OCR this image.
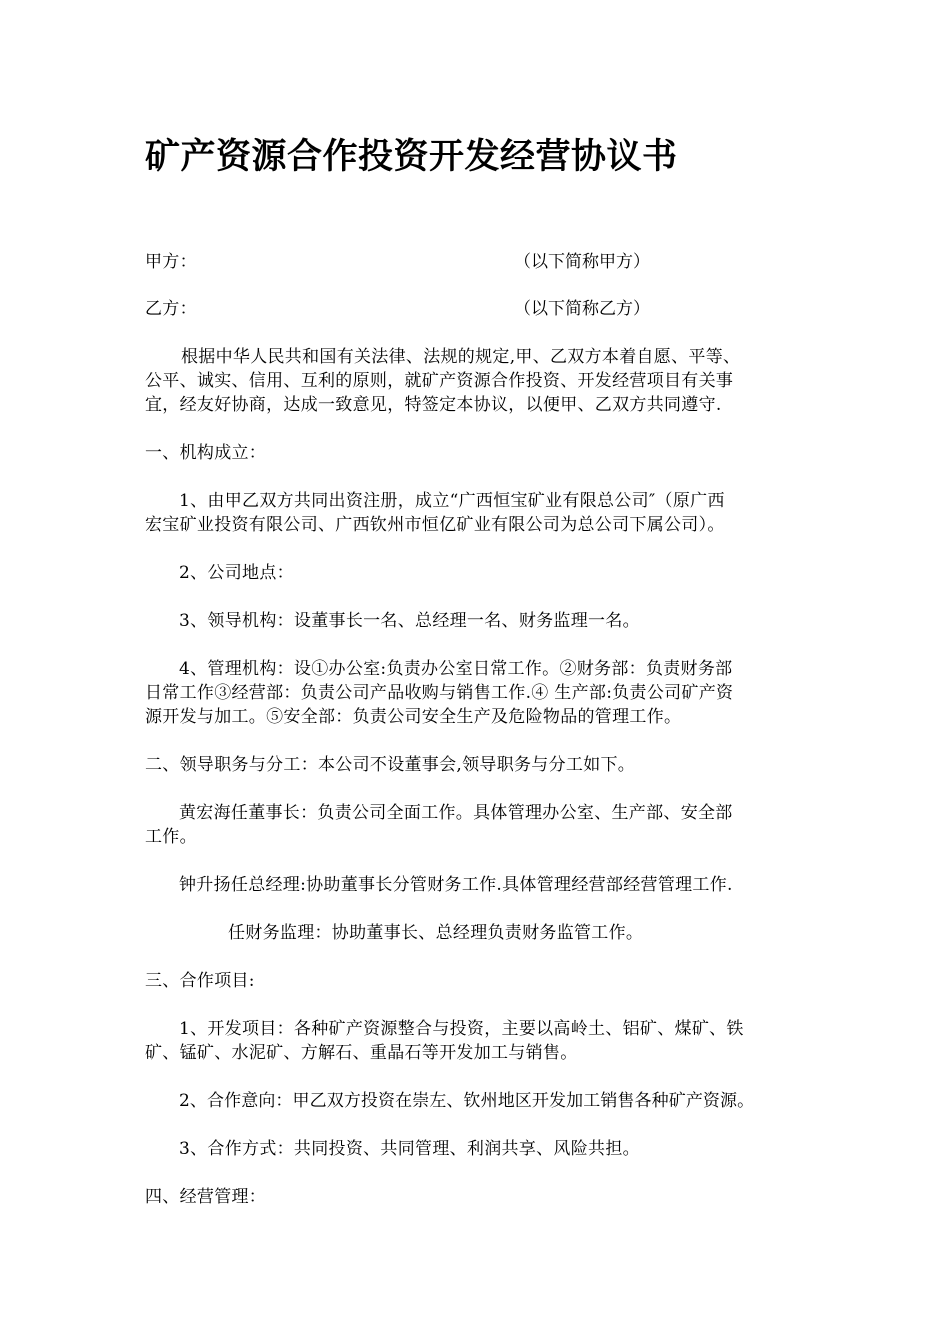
矿产资源合作投资开发经营协议书
甲方：	（以下简称甲方）
乙方：	（以下简称乙方）
根据中华人民共和国有关法律、法规的规定,甲、乙双方本着自愿、平等、
公平、诚实、信用、互利的原则，就矿产资源合作投资、开发经营项目有关事
宜，经友好协商，达成一致意见，特签定本协议，以便甲、乙双方共同遵守.
一、机构成立：
1、由甲乙双方共同出资注册，成立“广西恒宝矿业有限总公司″（原广西
宏宝矿业投资有限公司、广西钦州市恒亿矿业有限公司为总公司下属公司）。
2、公司地点：
3、领导机构：设董事长一名、总经理一名、财务监理一名。
4、管理机构：设①办公室:负责办公室日常工作。②财务部：负责财务部
日常工作③经营部：负责公司产品收购与销售工作.④ 生产部:负责公司矿产资
源开发与加工。⑤安全部：负责公司安全生产及危险物品的管理工作。
二、领导职务与分工：本公司不设董事会,领导职务与分工如下。
黄宏海任董事长：负责公司全面工作。具体管理办公室、生产部、安全部
工作。
钟升扬任总经理:协助董事长分管财务工作.具体管理经营部经营管理工作.
任财务监理：协助董事长、总经理负责财务监管工作。
三、合作项目:
1、开发项目：各种矿产资源整合与投资，主要以高岭土、铝矿、煤矿、铁
矿、锰矿、水泥矿、方解石、重晶石等开发加工与销售。
2、合作意向：甲乙双方投资在崇左、钦州地区开发加工销售各种矿产资源。
3、合作方式：共同投资、共同管理、利润共享、风险共担。
四、经营管理：
